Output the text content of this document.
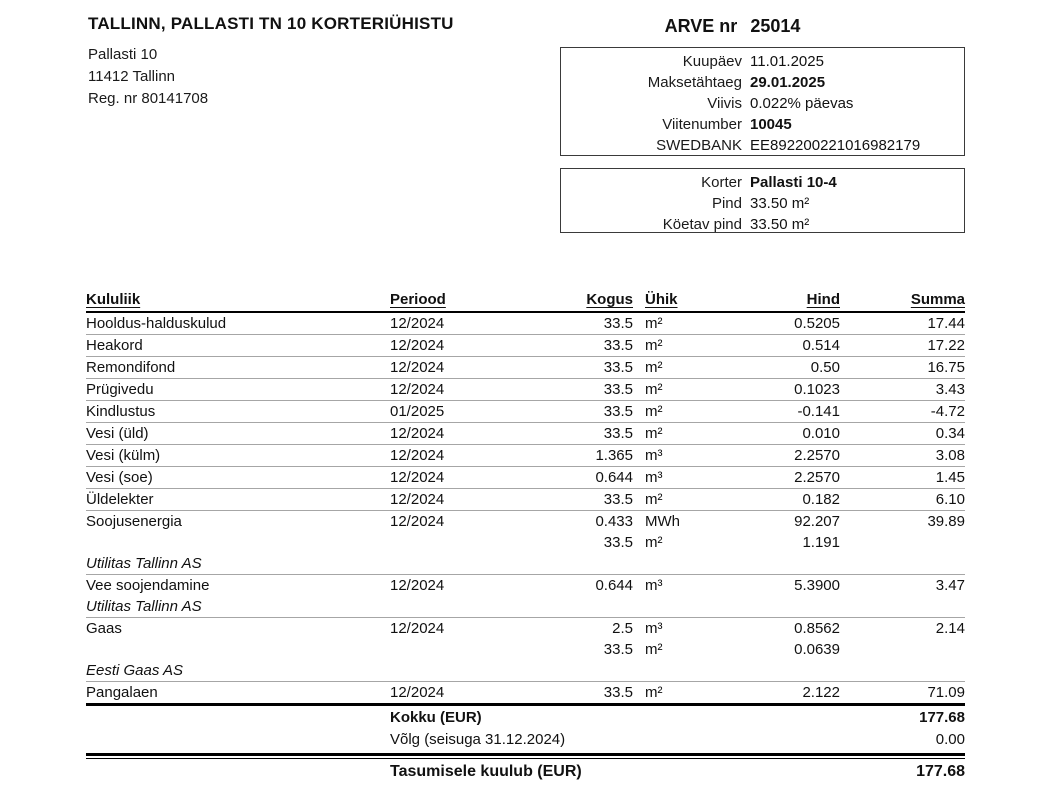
TALLINN, PALLASTI TN 10 KORTERIÜHISTU
Pallasti 10
11412 Tallinn
Reg. nr 80141708
ARVE nr 25014
Kuupäev 11.01.2025
Maksetähtaeg 29.01.2025
Viivis 0.022% päevas
Viitenumber 10045
SWEDBANK EE892200221016982179
Korter Pallasti 10-4
Pind 33.50 m²
Köetav pind 33.50 m²
Kululiik	Periood	Kogus	Ühik	Hind	Summa
Hooldus-halduskulud	12/2024	33.5	m²	0.5205	17.44
Heakord	12/2024	33.5	m²	0.514	17.22
Remondifond	12/2024	33.5	m²	0.50	16.75
Prügivedu	12/2024	33.5	m²	0.1023	3.43
Kindlustus	01/2025	33.5	m²	-0.141	-4.72
Vesi (üld)	12/2024	33.5	m²	0.010	0.34
Vesi (külm)	12/2024	1.365	m³	2.2570	3.08
Vesi (soe)	12/2024	0.644	m³	2.2570	1.45
Üldelekter	12/2024	33.5	m²	0.182	6.10
Soojusenergia	12/2024	0.433	MWh	92.207	39.89
		33.5	m²	1.191	
Utilitas Tallinn AS					
Vee soojendamine	12/2024	0.644	m³	5.3900	3.47
Utilitas Tallinn AS					
Gaas	12/2024	2.5	m³	0.8562	2.14
		33.5	m²	0.0639	
Eesti Gaas AS					
Pangalaen	12/2024	33.5	m²	2.122	71.09
Kokku (EUR)	177.68
Võlg (seisuga 31.12.2024)	0.00
Tasumisele kuulub (EUR)	177.68
